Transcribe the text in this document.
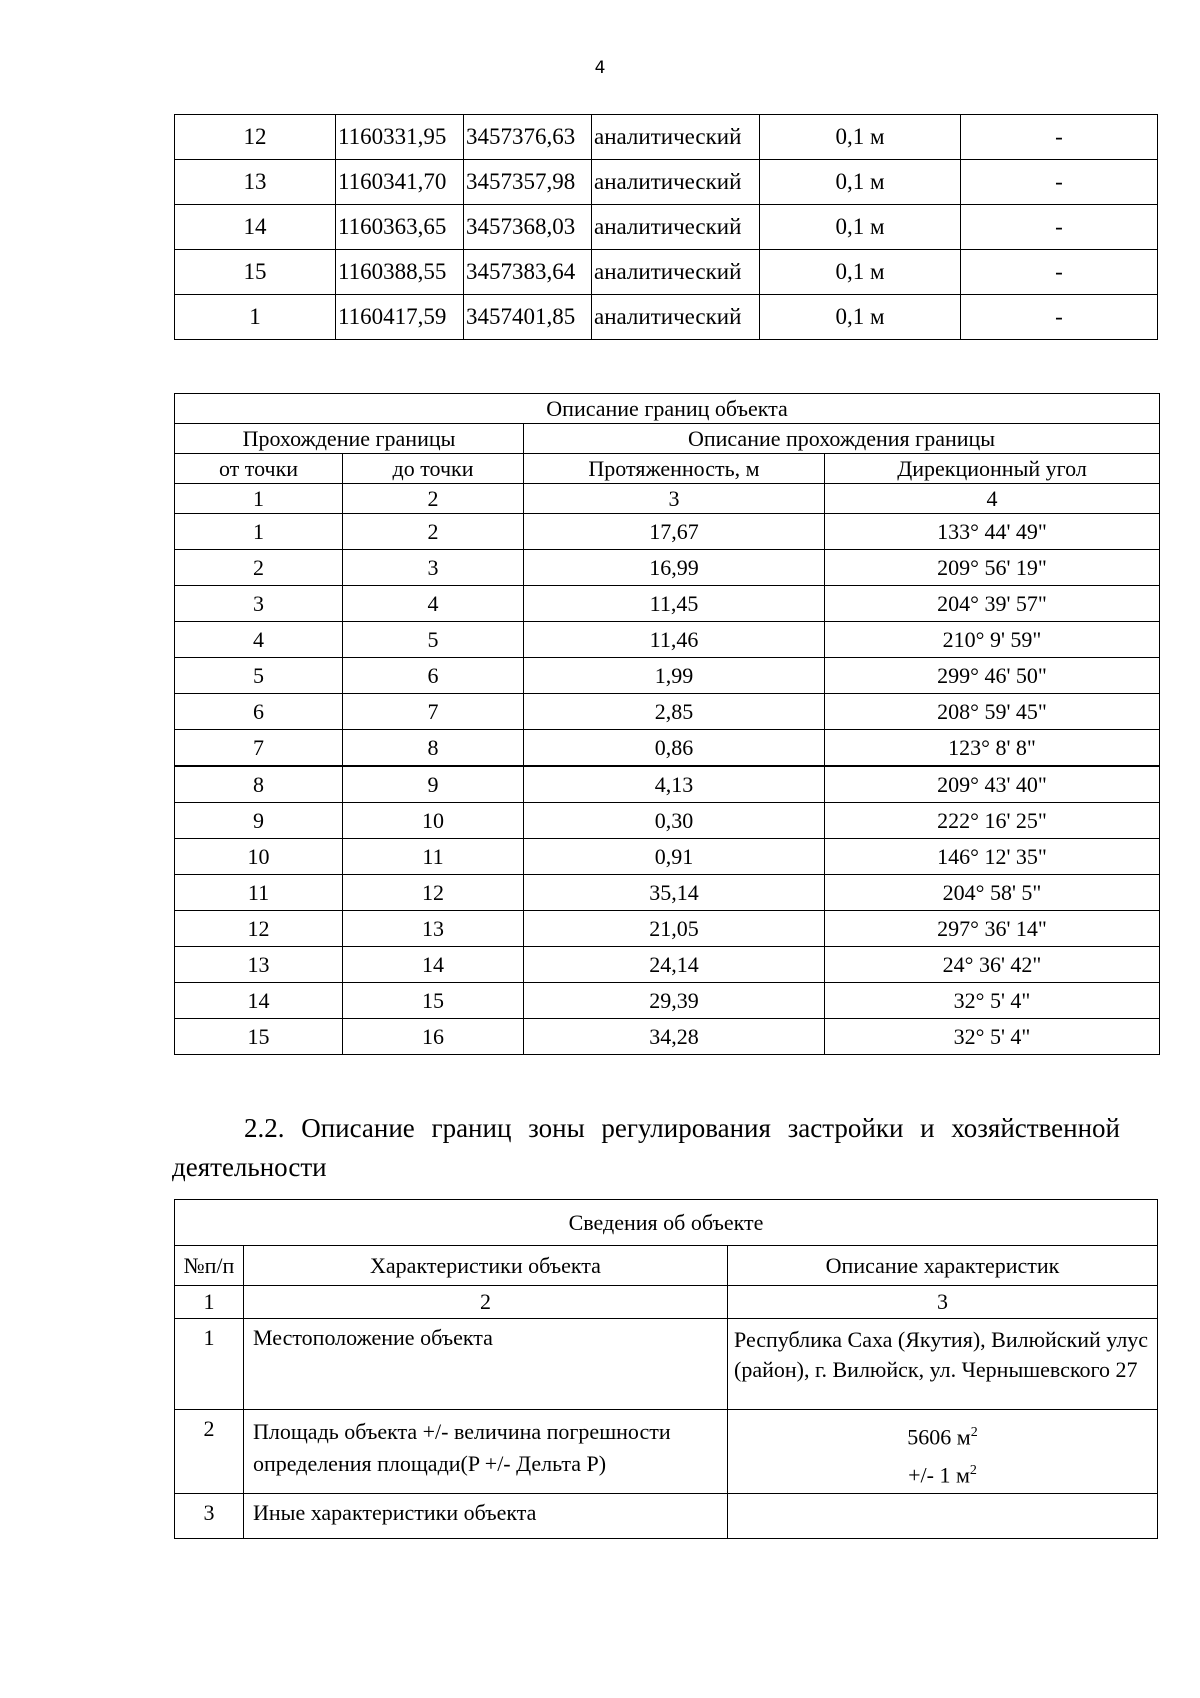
4
12	1160331,95	3457376,63	аналитический	0,1 м	-
13	1160341,70	3457357,98	аналитический	0,1 м	-
14	1160363,65	3457368,03	аналитический	0,1 м	-
15	1160388,55	3457383,64	аналитический	0,1 м	-
1	1160417,59	3457401,85	аналитический	0,1 м	-
Описание границ объекта			
Прохождение границы		Описание прохождения границы	
от точки	до точки	Протяженность, м	Дирекционный угол
1	2	3	4
1	2	17,67	133° 44' 49"
2	3	16,99	209° 56' 19"
3	4	11,45	204° 39' 57"
4	5	11,46	210° 9' 59"
5	6	1,99	299° 46' 50"
6	7	2,85	208° 59' 45"
7	8	0,86	123° 8' 8"
8	9	4,13	209° 43' 40"
9	10	0,30	222° 16' 25"
10	11	0,91	146° 12' 35"
11	12	35,14	204° 58' 5"
12	13	21,05	297° 36' 14"
13	14	24,14	24° 36' 42"
14	15	29,39	32° 5' 4"
15	16	34,28	32° 5' 4"
2.2. Описание границ зоны регулирования застройки и хозяйственной
деятельности
Сведения об объекте		
№п/п	Характеристики объекта	Описание характеристик
1	2	3
1	Местоположение объекта	Республика Саха (Якутия), Вилюйский улус (район), г. Вилюйск, ул. Чернышевского 27
2	Площадь объекта +/- величина погрешности определения площади(P +/- Дельта P)	5606 $м^2$
+/- 1 $м^2$

3	Иные характеристики объекта	
